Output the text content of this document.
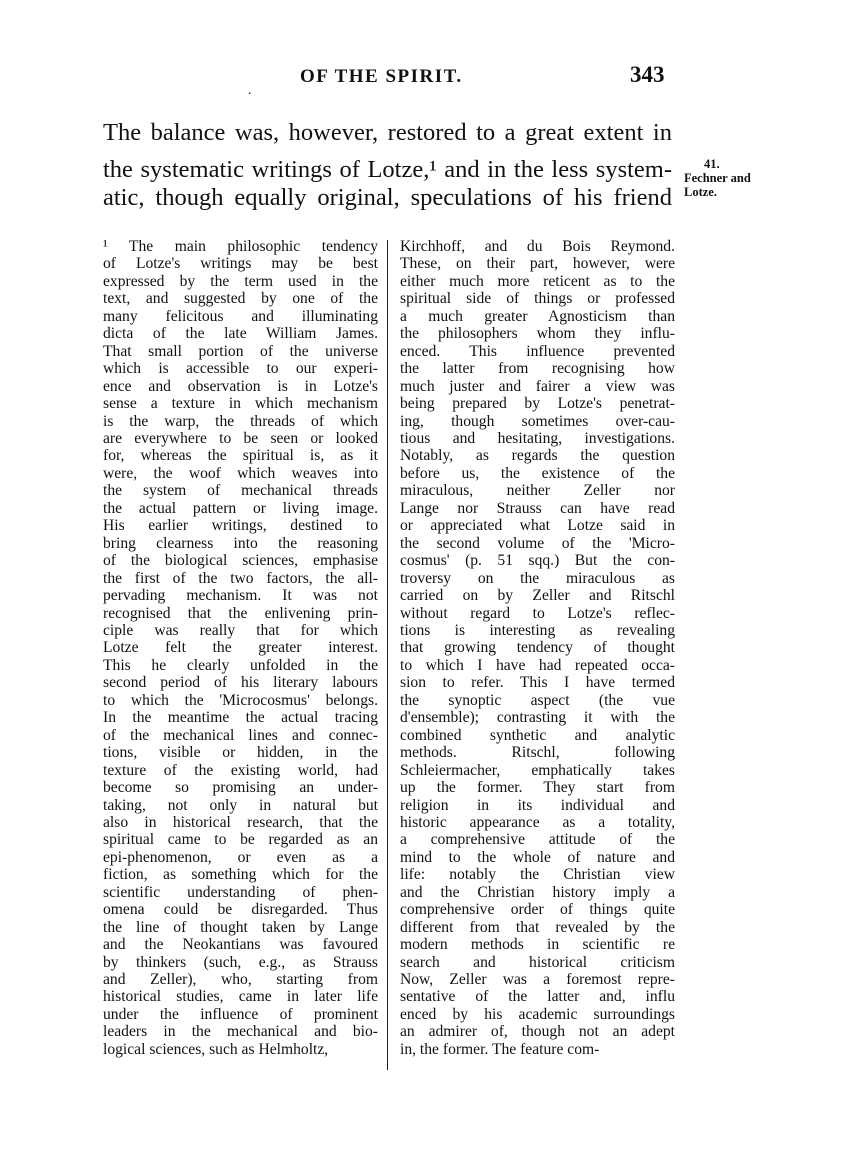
.
OF THE SPIRIT.	343
The balance was, however, restored to a great extent in
the systematic writings of Lotze,¹ and in the less system-
atic, though equally original, speculations of his friend
41.
Fechner and
Lotze.
¹ The main philosophic tendency
of Lotze's writings may be best
expressed by the term used in the
text, and suggested by one of the
many felicitous and illuminating
dicta of the late William James.
That small portion of the universe
which is accessible to our experi-
ence and observation is in Lotze's
sense a texture in which mechanism
is the warp, the threads of which
are everywhere to be seen or looked
for, whereas the spiritual is, as it
were, the woof which weaves into
the system of mechanical threads
the actual pattern or living image.
His earlier writings, destined to
bring clearness into the reasoning
of the biological sciences, emphasise
the first of the two factors, the all-
pervading mechanism. It was not
recognised that the enlivening prin-
ciple was really that for which
Lotze felt the greater interest.
This he clearly unfolded in the
second period of his literary labours
to which the 'Microcosmus' belongs.
In the meantime the actual tracing
of the mechanical lines and connec-
tions, visible or hidden, in the
texture of the existing world, had
become so promising an under-
taking, not only in natural but
also in historical research, that the
spiritual came to be regarded as an
epi-phenomenon, or even as a
fiction, as something which for the
scientific understanding of phen-
omena could be disregarded. Thus
the line of thought taken by Lange
and the Neokantians was favoured
by thinkers (such, e.g., as Strauss
and Zeller), who, starting from
historical studies, came in later life
under the influence of prominent
leaders in the mechanical and bio-
logical sciences, such as Helmholtz,
Kirchhoff, and du Bois Reymond.
These, on their part, however, were
either much more reticent as to the
spiritual side of things or professed
a much greater Agnosticism than
the philosophers whom they influ-
enced. This influence prevented
the latter from recognising how
much juster and fairer a view was
being prepared by Lotze's penetrat-
ing, though sometimes over-cau-
tious and hesitating, investigations.
Notably, as regards the question
before us, the existence of the
miraculous, neither Zeller nor
Lange nor Strauss can have read
or appreciated what Lotze said in
the second volume of the 'Micro-
cosmus' (p. 51 sqq.) But the con-
troversy on the miraculous as
carried on by Zeller and Ritschl
without regard to Lotze's reflec-
tions is interesting as revealing
that growing tendency of thought
to which I have had repeated occa-
sion to refer. This I have termed
the synoptic aspect (the vue
d'ensemble); contrasting it with the
combined synthetic and analytic
methods. Ritschl, following
Schleiermacher, emphatically takes
up the former. They start from
religion in its individual and
historic appearance as a totality,
a comprehensive attitude of the
mind to the whole of nature and
life: notably the Christian view
and the Christian history imply a
comprehensive order of things quite
different from that revealed by the
modern methods in scientific re
search and historical criticism
Now, Zeller was a foremost repre-
sentative of the latter and, influ
enced by his academic surroundings
an admirer of, though not an adept
in, the former. The feature com-
